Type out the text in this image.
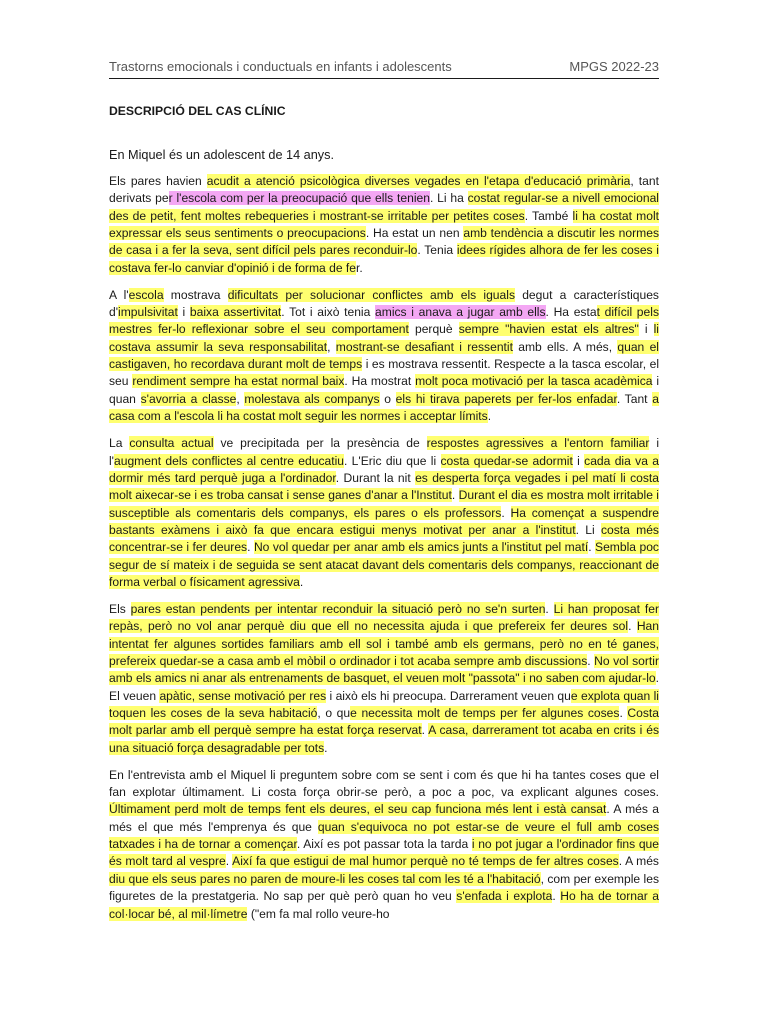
Trastorns emocionals i conductuals en infants i adolescents	MPGS 2022-23
DESCRIPCIÓ DEL CAS CLÍNIC
En Miquel és un adolescent de 14 anys.

Els pares havien acudit a atenció psicològica diverses vegades en l'etapa d'educació primària, tant derivats per l'escola com per la preocupació que ells tenien. Li ha costat regular-se a nivell emocional des de petit, fent moltes rebequeries i mostrant-se irritable per petites coses. També li ha costat molt expressar els seus sentiments o preocupacions. Ha estat un nen amb tendència a discutir les normes de casa i a fer la seva, sent difícil pels pares reconduir-lo. Tenia idees rígides alhora de fer les coses i costava fer-lo canviar d'opinió i de forma de fer.

A l'escola mostrava dificultats per solucionar conflictes amb els iguals degut a característiques d'impulsivitat i baixa assertivitat. Tot i això tenia amics i anava a jugar amb ells. Ha estat difícil pels mestres fer-lo reflexionar sobre el seu comportament perquè sempre "havien estat els altres" i li costava assumir la seva responsabilitat, mostrant-se desafiant i ressentit amb ells. A més, quan el castigaven, ho recordava durant molt de temps i es mostrava ressentit. Respecte a la tasca escolar, el seu rendiment sempre ha estat normal baix. Ha mostrat molt poca motivació per la tasca acadèmica i quan s'avorria a classe, molestava als companys o els hi tirava paperets per fer-los enfadar. Tant a casa com a l'escola li ha costat molt seguir les normes i acceptar límits.

La consulta actual ve precipitada per la presència de respostes agressives a l'entorn familiar i l'augment dels conflictes al centre educatiu. L'Eric diu que li costa quedar-se adormit i cada dia va a dormir més tard perquè juga a l'ordinador. Durant la nit es desperta força vegades i pel matí li costa molt aixecar-se i es troba cansat i sense ganes d'anar a l'Institut. Durant el dia es mostra molt irritable i susceptible als comentaris dels companys, els pares o els professors. Ha començat a suspendre bastants exàmens i això fa que encara estigui menys motivat per anar a l'institut. Li costa més concentrar-se i fer deures. No vol quedar per anar amb els amics junts a l'institut pel matí. Sembla poc segur de sí mateix i de seguida se sent atacat davant dels comentaris dels companys, reaccionant de forma verbal o físicament agressiva.

Els pares estan pendents per intentar reconduir la situació però no se'n surten. Li han proposat fer repàs, però no vol anar perquè diu que ell no necessita ajuda i que prefereix fer deures sol. Han intentat fer algunes sortides familiars amb ell sol i també amb els germans, però no en té ganes, prefereix quedar-se a casa amb el mòbil o ordinador i tot acaba sempre amb discussions. No vol sortir amb els amics ni anar als entrenaments de basquet, el veuen molt "passota" i no saben com ajudar-lo. El veuen apàtic, sense motivació per res i això els hi preocupa. Darrerament veuen que explota quan li toquen les coses de la seva habitació, o que necessita molt de temps per fer algunes coses. Costa molt parlar amb ell perquè sempre ha estat força reservat. A casa, darrerament tot acaba en crits i és una situació força desagradable per tots.

En l'entrevista amb el Miquel li preguntem sobre com se sent i com és que hi ha tantes coses que el fan explotar últimament. Li costa força obrir-se però, a poc a poc, va explicant algunes coses. Últimament perd molt de temps fent els deures, el seu cap funciona més lent i està cansat. A més a més el que més l'emprenya és que quan s'equivoca no pot estar-se de veure el full amb coses tatxades i ha de tornar a començar. Així es pot passar tota la tarda i no pot jugar a l'ordinador fins que és molt tard al vespre. Així fa que estigui de mal humor perquè no té temps de fer altres coses. A més diu que els seus pares no paren de moure-li les coses tal com les té a l'habitació, com per exemple les figuretes de la prestatgeria. No sap per què però quan ho veu s'enfada i explota. Ho ha de tornar a col·locar bé, al mil·límetre ("em fa mal rollo veure-ho
